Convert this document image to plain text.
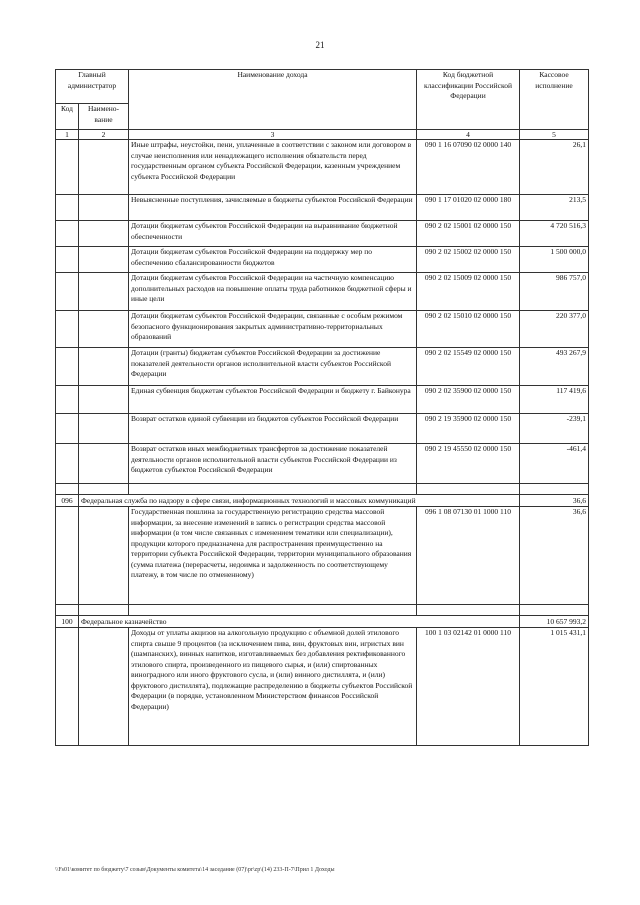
21
Главный администратор		Наименование дохода	Код бюджетной классификации Российской Федерации	Кассовое исполнение
Код	Наимено-вание			
1	2	3	4	5
		Иные штрафы, неустойки, пени, уплаченные в соответствии с законом или договором в случае неисполнения или ненадлежащего исполнения обязательств перед государственным органом субъекта Российской Федерации, казенным учреждением субъекта Российской Федерации	090 1 16 07090 02 0000 140	26,1
		Невыясненные поступления, зачисляемые в бюджеты субъектов Российской Федерации	090 1 17 01020 02 0000 180	213,5
		Дотации бюджетам субъектов Российской Федерации на выравнивание бюджетной обеспеченности	090 2 02 15001 02 0000 150	4 720 516,3
		Дотации бюджетам субъектов Российской Федерации на поддержку мер по обеспечению сбалансированности бюджетов	090 2 02 15002 02 0000 150	1 500 000,0
		Дотации бюджетам субъектов Российской Федерации на частичную компенсацию дополнительных расходов на повышение оплаты труда работников бюджетной сферы и иные цели	090 2 02 15009 02 0000 150	986 757,0
		Дотации бюджетам субъектов Российской Федерации, связанные с особым режимом безопасного функционирования закрытых административно-территориальных образований	090 2 02 15010 02 0000 150	220 377,0
		Дотации (гранты) бюджетам субъектов Российской Федерации за достижение показателей деятельности органов исполнительной власти субъектов Российской Федерации	090 2 02 15549 02 0000 150	493 267,9
		Единая субвенция бюджетам субъектов Российской Федерации и бюджету г. Байконура	090 2 02 35900 02 0000 150	117 419,6
		Возврат остатков единой субвенции из бюджетов субъектов Российской Федерации	090 2 19 35900 02 0000 150	-239,1
		Возврат остатков иных межбюджетных трансфертов за достижение показателей деятельности органов исполнительной власти субъектов Российской Федерации из бюджетов субъектов Российской Федерации	090 2 19 45550 02 0000 150	-461,4

096	Федеральная служба по надзору в сфере связи, информационных технологий и массовых коммуникаций			36,6
		Государственная пошлина за государственную регистрацию средства массовой информации, за внесение изменений в запись о регистрации средства массовой информации (в том числе связанных с изменением тематики или специализации), продукции которого предназначена для распространения преимущественно на территории субъекта Российской Федерации, территории муниципального образования (сумма платежа (перерасчеты, недоимка и задолженность по соответствующему платежу, в том числе по отмененному)	096 1 08 07130 01 1000 110	36,6

100	Федеральное казначейство			10 657 993,2
		Доходы от уплаты акцизов на алкогольную продукцию с объемной долей этилового спирта свыше 9 процентов (за исключением пива, вин, фруктовых вин, игристых вин (шампанских), винных напитков, изготавливаемых без добавления ректификованного этилового спирта, произведенного из пищевого сырья, и (или) спиртованных виноградного или иного фруктового сусла, и (или) винного дистиллята, и (или) фруктового дистиллята), подлежащие распределению в бюджеты субъектов Российской Федерации (в порядке, установленном Министерством финансов Российской Федерации)	100 1 03 02142 01 0000 110	1 015 431,1
\\Fs01\комитет по бюджету\7 созыв\Документы комитета\14 заседание (07)\pr\zp\(14) 233-П-7\Прил 1 Доходы
